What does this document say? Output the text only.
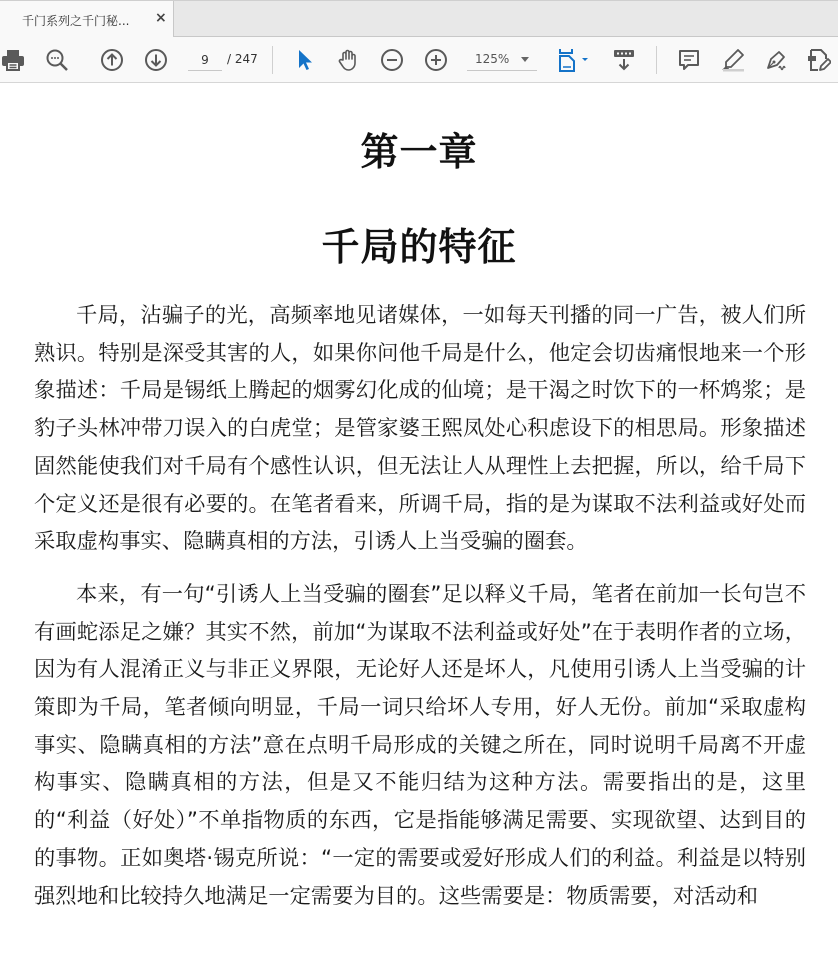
千门系列之千门秘... ×
9
/ 247	125%
第一章
千局的特征

千局，沾骗子的光，高频率地见诸媒体，一如每天刊播的同一广告，被人们所熟识。特别是深受其害的人，如果你问他千局是什么，他定会切齿痛恨地来一个形象描述：千局是锡纸上腾起的烟雾幻化成的仙境；是干渴之时饮下的一杯鸩浆；是豹子头林冲带刀误入的白虎堂；是管家婆王熙凤处心积虑设下的相思局。形象描述固然能使我们对千局有个感性认识，但无法让人从理性上去把握，所以，给千局下个定义还是很有必要的。在笔者看来，所调千局，指的是为谋取不法利益或好处而采取虚构事实、隐瞒真相的方法，引诱人上当受骗的圈套。

本来，有一句“引诱人上当受骗的圈套”足以释义千局，笔者在前加一长句岂不有画蛇添足之嫌？其实不然，前加“为谋取不法利益或好处”在于表明作者的立场，因为有人混淆正义与非正义界限，无论好人还是坏人，凡使用引诱人上当受骗的计策即为千局，笔者倾向明显，千局一词只给坏人专用，好人无份。前加“采取虚构事实、隐瞒真相的方法”意在点明千局形成的关键之所在，同时说明千局离不开虚构事实、隐瞒真相的方法，但是又不能归结为这种方法。需要指出的是，这里的“利益（好处）”不单指物质的东西，它是指能够满足需要、实现欲望、达到目的的事物。正如奥塔·锡克所说：“一定的需要或爱好形成人们的利益。利益是以特别强烈地和比较持久地满足一定需要为目的。这些需要是：物质需要，对活动和
